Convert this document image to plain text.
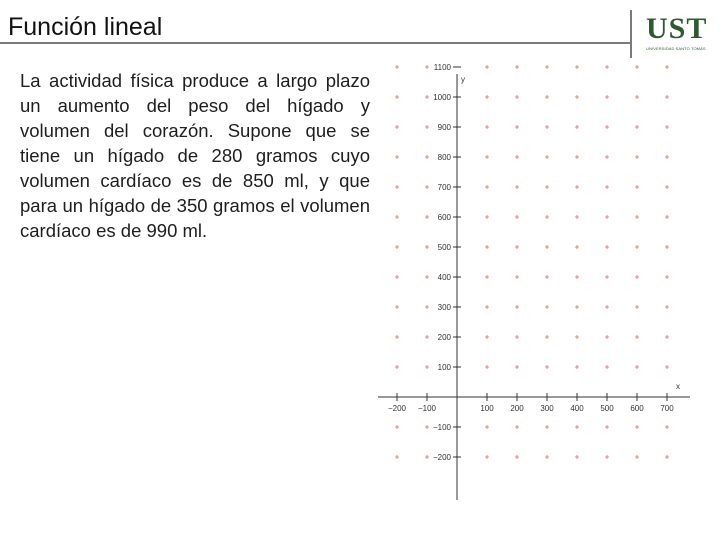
Función lineal	UST
UNIVERSIDAD SANTO TOMÁS
La actividad física produce a largo plazo un aumento del peso del hígado y volumen del corazón. Supone que se tiene un hígado de 280 gramos cuyo volumen cardíaco es de 850 ml, y que para un hígado de 350 gramos el volumen cardíaco es de 990 ml.
x
y
−200 −100	100 200 300 400 500 600 700
−200
−100
100
200
300
400
500
600
700
800
900
1000
1100
